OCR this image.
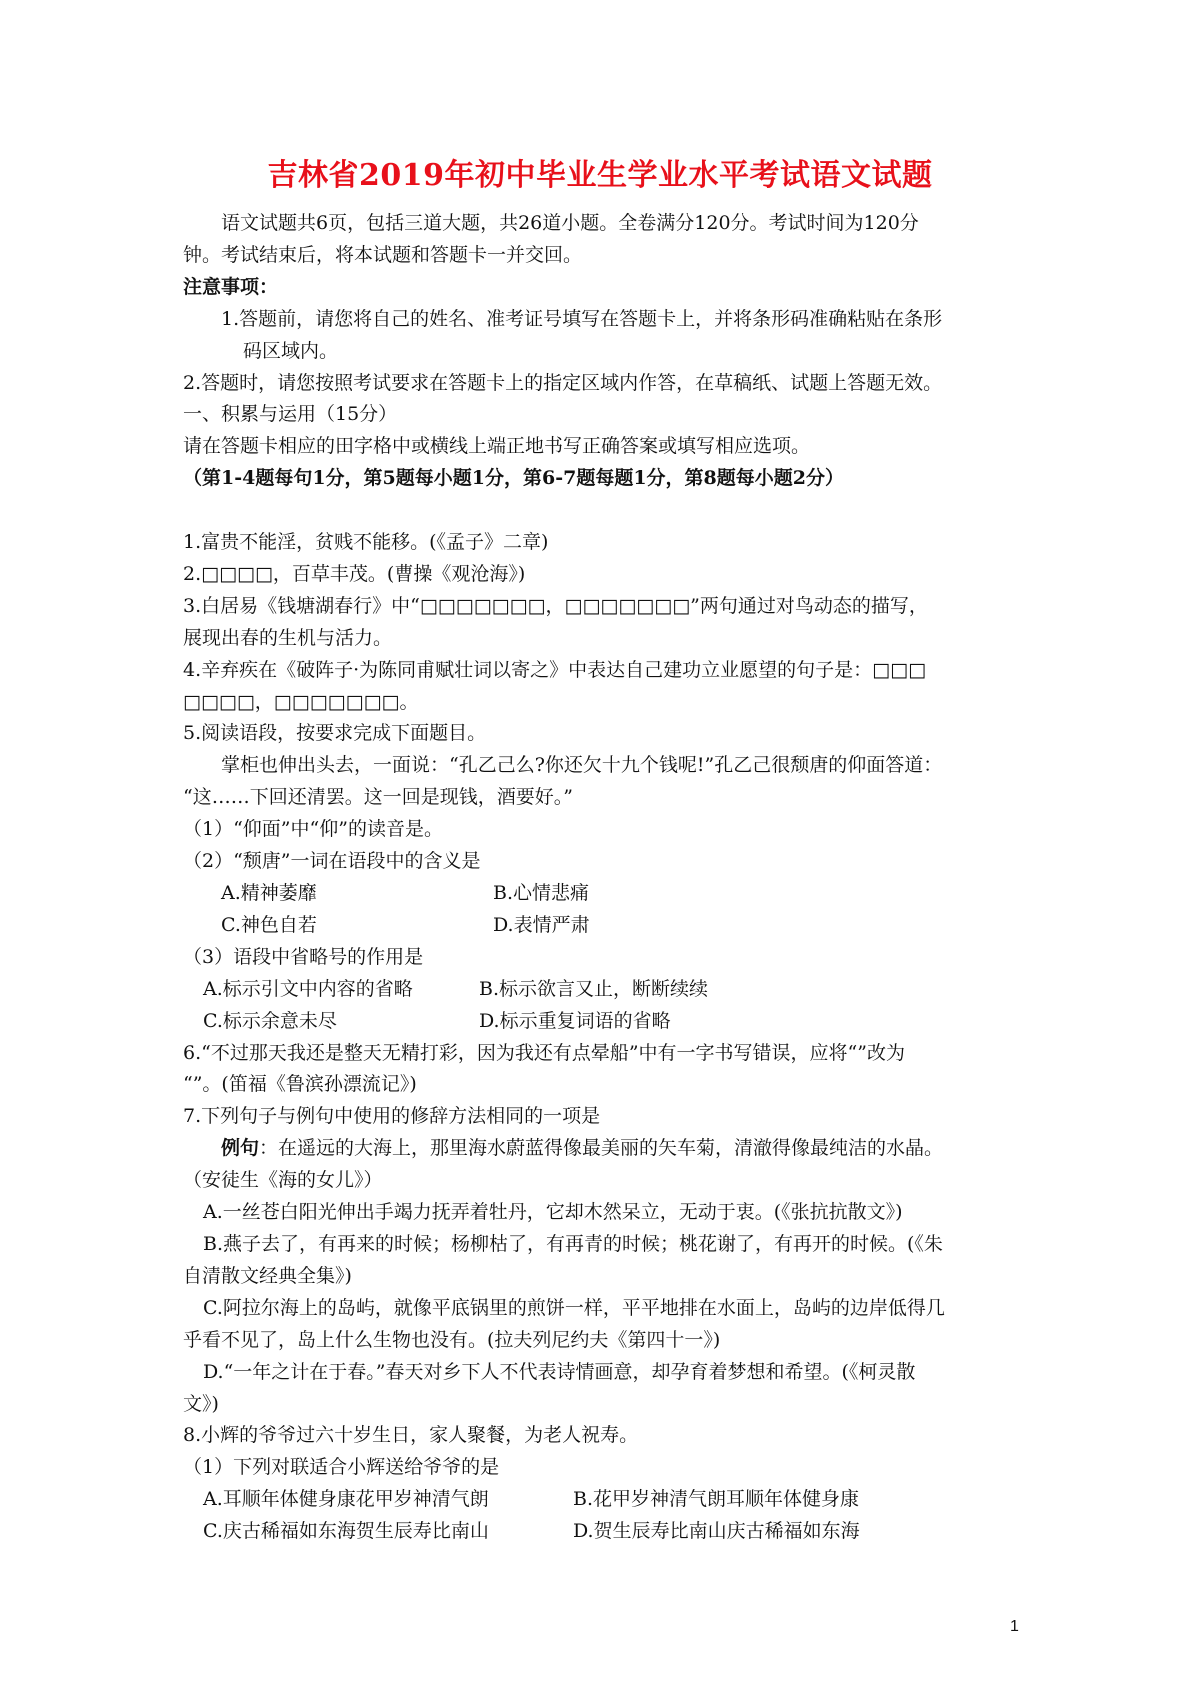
吉林省2019年初中毕业生学业水平考试语文试题
语文试题共6页，包括三道大题，共26道小题。全卷满分120分。考试时间为120分
钟。考试结束后，将本试题和答题卡一并交回。
注意事项：
1.答题前，请您将自己的姓名、准考证号填写在答题卡上，并将条形码准确粘贴在条形
码区域内。
2.答题时，请您按照考试要求在答题卡上的指定区域内作答，在草稿纸、试题上答题无效。
一、积累与运用（15分）
请在答题卡相应的田字格中或横线上端正地书写正确答案或填写相应选项。
（第1-4题每句1分，第5题每小题1分，第6-7题每题1分，第8题每小题2分）
1.富贵不能淫，贫贱不能移。(《孟子》二章)
2.□□□□，百草丰茂。(曹操《观沧海》)
3.白居易《钱塘湖春行》中“□□□□□□□，□□□□□□□”两句通过对鸟动态的描写，
展现出春的生机与活力。
4.辛弃疾在《破阵子·为陈同甫赋壮词以寄之》中表达自己建功立业愿望的句子是：□□□
□□□□，□□□□□□□。
5.阅读语段，按要求完成下面题目。
掌柜也伸出头去，一面说：“孔乙己么?你还欠十九个钱呢!”孔乙己很颓唐的仰面答道：
“这……下回还清罢。这一回是现钱，酒要好。”
（1）“仰面”中“仰”的读音是。
（2）“颓唐”一词在语段中的含义是
A.精神萎靡	B.心情悲痛
C.神色自若	D.表情严肃
（3）语段中省略号的作用是
A.标示引文中内容的省略	B.标示欲言又止，断断续续
C.标示余意未尽	D.标示重复词语的省略
6.“不过那天我还是整天无精打彩，因为我还有点晕船”中有一字书写错误，应将“”改为
“”。(笛福《鲁滨孙漂流记》)
7.下列句子与例句中使用的修辞方法相同的一项是
例句：在遥远的大海上，那里海水蔚蓝得像最美丽的矢车菊，清澈得像最纯洁的水晶。
（安徒生《海的女儿》）
A.一丝苍白阳光伸出手竭力抚弄着牡丹，它却木然呆立，无动于衷。(《张抗抗散文》)
B.燕子去了，有再来的时候；杨柳枯了，有再青的时候；桃花谢了，有再开的时候。(《朱
自清散文经典全集》)
C.阿拉尔海上的岛屿，就像平底锅里的煎饼一样，平平地排在水面上，岛屿的边岸低得几
乎看不见了，岛上什么生物也没有。(拉夫列尼约夫《第四十一》)
D.“一年之计在于春。”春天对乡下人不代表诗情画意，却孕育着梦想和希望。(《柯灵散
文》)
8.小辉的爷爷过六十岁生日，家人聚餐，为老人祝寿。
（1）下列对联适合小辉送给爷爷的是
A.耳顺年体健身康花甲岁神清气朗	B.花甲岁神清气朗耳顺年体健身康
C.庆古稀福如东海贺生辰寿比南山	D.贺生辰寿比南山庆古稀福如东海
1
